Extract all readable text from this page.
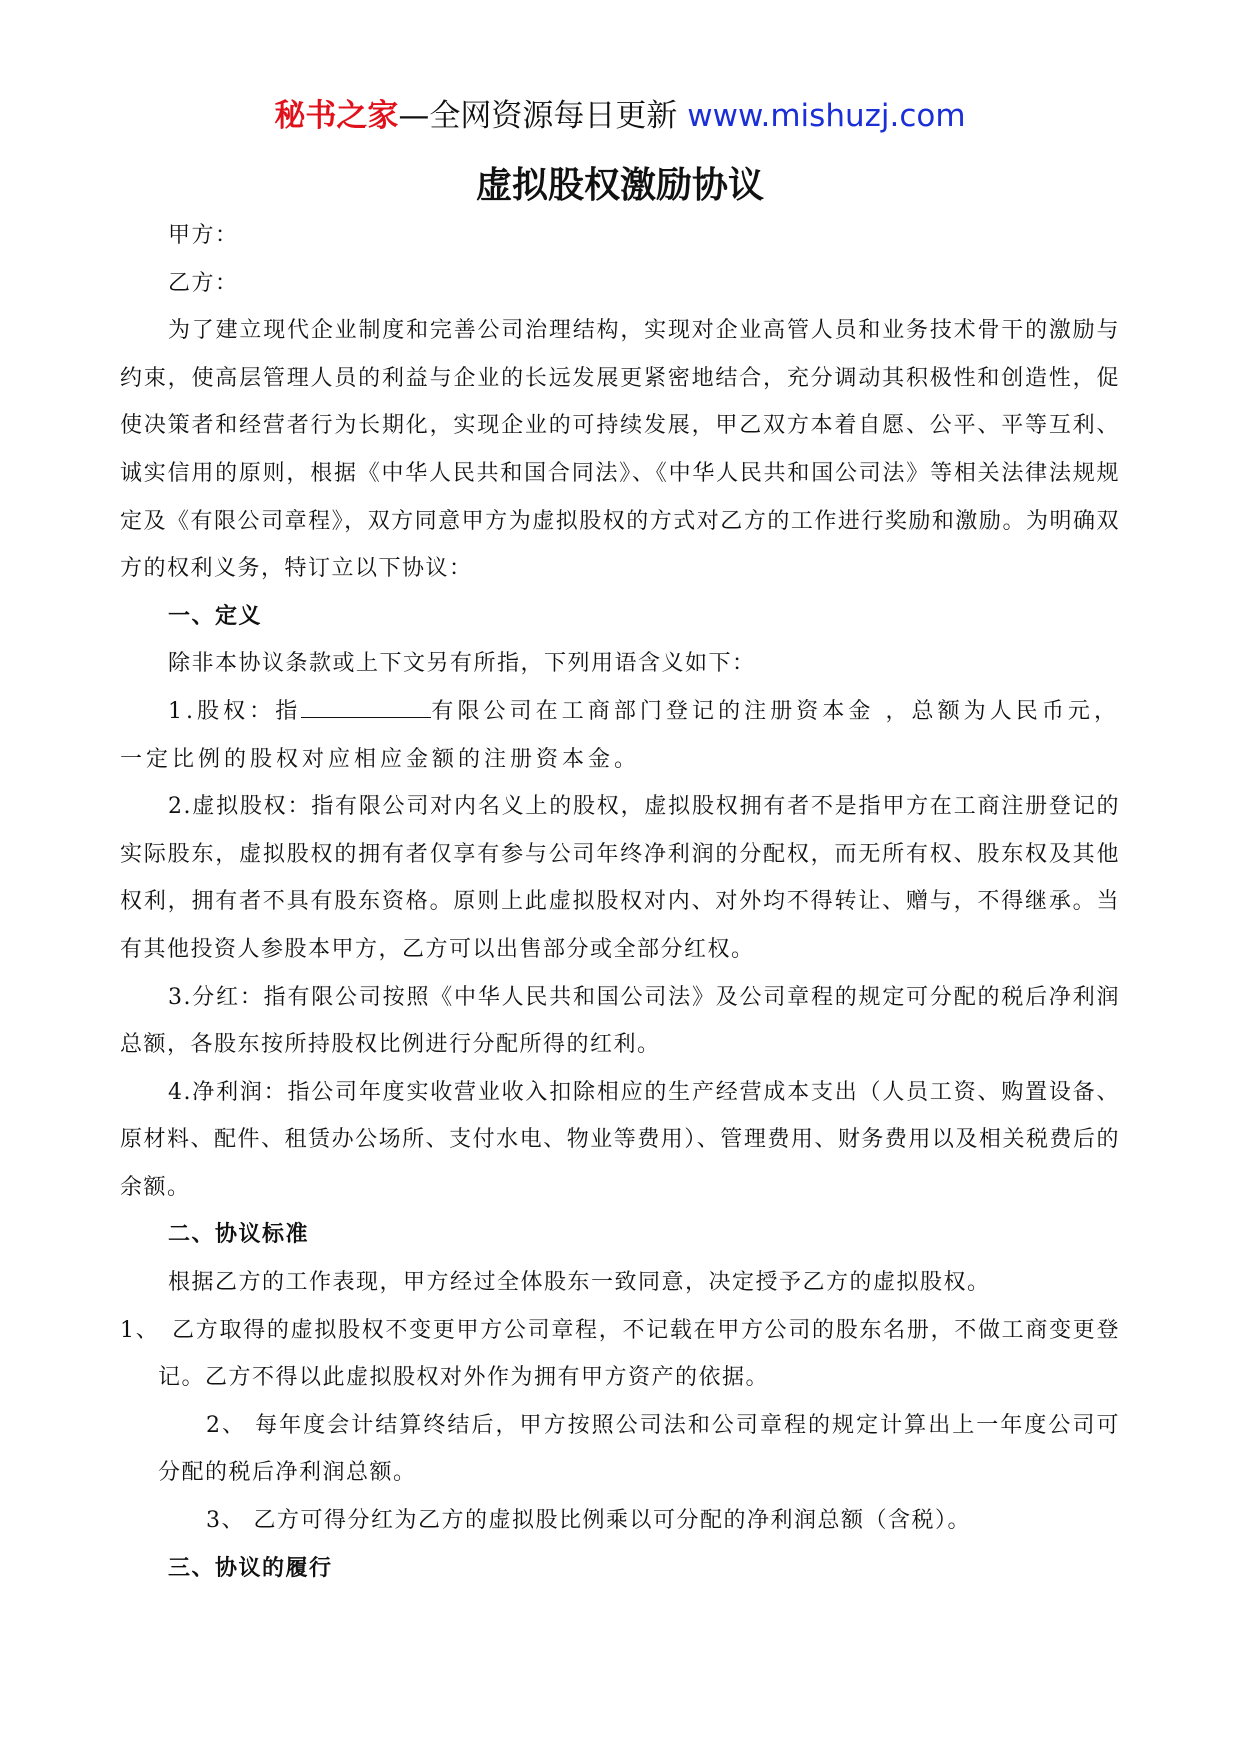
秘书之家—全网资源每日更新 www.mishuzj.com
虚拟股权激励协议

甲方：

乙方：

为了建立现代企业制度和完善公司治理结构，实现对企业高管人员和业务技术骨干的激励与约束，使高层管理人员的利益与企业的长远发展更紧密地结合，充分调动其积极性和创造性，促使决策者和经营者行为长期化，实现企业的可持续发展，甲乙双方本着自愿、公平、平等互利、诚实信用的原则，根据《中华人民共和国合同法》、《中华人民共和国公司法》等相关法律法规规定及《有限公司章程》，双方同意甲方为虚拟股权的方式对乙方的工作进行奖励和激励。为明确双方的权利义务，特订立以下协议：

一、定义

除非本协议条款或上下文另有所指，下列用语含义如下：

1.股权：指	有限公司在工商部门登记的注册资本金 ，总额为人民币元，一定比例的股权对应相应金额的注册资本金。

2.虚拟股权：指有限公司对内名义上的股权，虚拟股权拥有者不是指甲方在工商注册登记的实际股东，虚拟股权的拥有者仅享有参与公司年终净利润的分配权，而无所有权、股东权及其他权利，拥有者不具有股东资格。原则上此虚拟股权对内、对外均不得转让、赠与，不得继承。当有其他投资人参股本甲方，乙方可以出售部分或全部分红权。

3.分红：指有限公司按照《中华人民共和国公司法》及公司章程的规定可分配的税后净利润总额，各股东按所持股权比例进行分配所得的红利。

4.净利润：指公司年度实收营业收入扣除相应的生产经营成本支出（人员工资、购置设备、原材料、配件、租赁办公场所、支付水电、物业等费用）、管理费用、财务费用以及相关税费后的余额。

二、协议标准

根据乙方的工作表现，甲方经过全体股东一致同意，决定授予乙方的虚拟股权。

1、　乙方取得的虚拟股权不变更甲方公司章程，不记载在甲方公司的股东名册，不做工商变更登记。乙方不得以此虚拟股权对外作为拥有甲方资产的依据。

2、 每年度会计结算终结后，甲方按照公司法和公司章程的规定计算出上一年度公司可分配的税后净利润总额。

3、 乙方可得分红为乙方的虚拟股比例乘以可分配的净利润总额（含税）。

三、协议的履行
